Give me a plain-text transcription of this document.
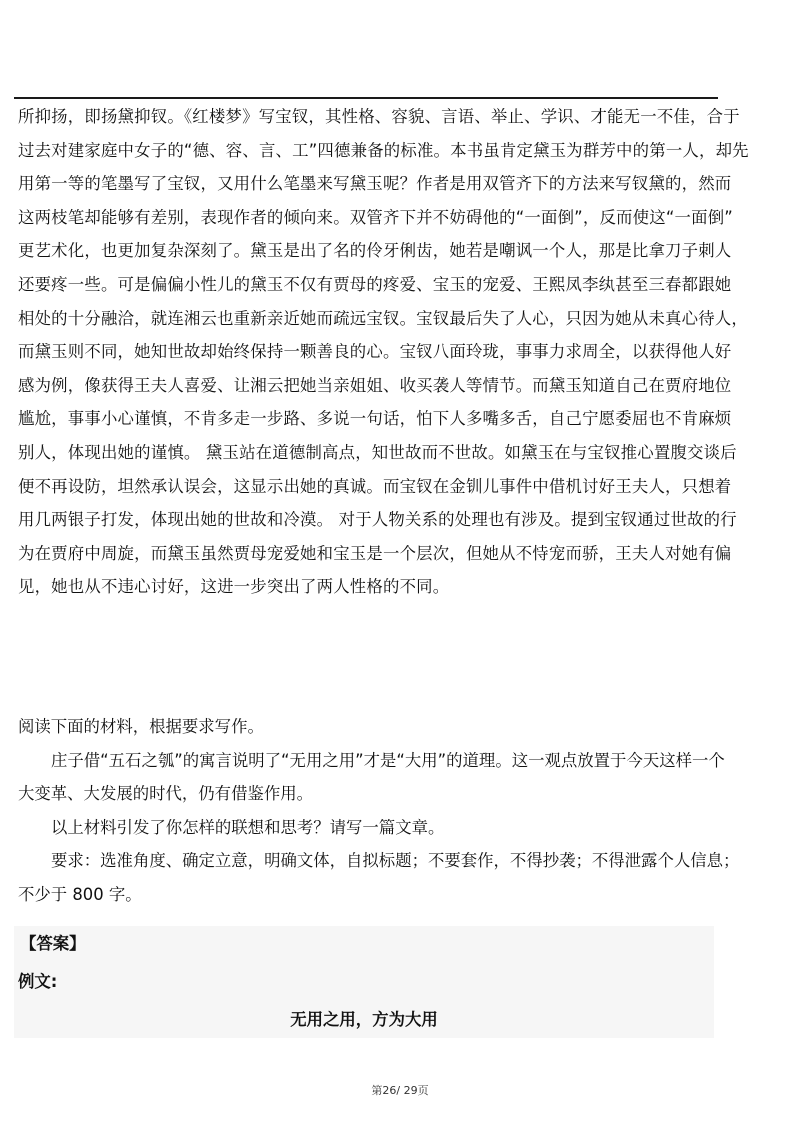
所抑扬，即扬黛抑钗。《红楼梦》写宝钗，其性格、容貌、言语、举止、学识、才能无一不佳，合于
过去对建家庭中女子的“德、容、言、工”四德兼备的标准。本书虽肯定黛玉为群芳中的第一人，却先
用第一等的笔墨写了宝钗，又用什么笔墨来写黛玉呢？作者是用双管齐下的方法来写钗黛的，然而
这两枝笔却能够有差别，表现作者的倾向来。双管齐下并不妨碍他的“一面倒”，反而使这“一面倒”
更艺术化，也更加复杂深刻了。黛玉是出了名的伶牙俐齿，她若是嘲讽一个人，那是比拿刀子刺人
还要疼一些。可是偏偏小性儿的黛玉不仅有贾母的疼爱、宝玉的宠爱、王熙凤李纨甚至三春都跟她
相处的十分融洽，就连湘云也重新亲近她而疏远宝钗。宝钗最后失了人心，只因为她从未真心待人，
而黛玉则不同，她知世故却始终保持一颗善良的心。宝钗八面玲珑，事事力求周全，以获得他人好
感为例，像获得王夫人喜爱、让湘云把她当亲姐姐、收买袭人等情节。而黛玉知道自己在贾府地位
尴尬，事事小心谨慎，不肯多走一步路、多说一句话，怕下人多嘴多舌，自己宁愿委屈也不肯麻烦
别人，体现出她的谨慎。 黛玉站在道德制高点，知世故而不世故。如黛玉在与宝钗推心置腹交谈后
便不再设防，坦然承认误会，这显示出她的真诚。而宝钗在金钏儿事件中借机讨好王夫人，只想着
用几两银子打发，体现出她的世故和冷漠。 对于人物关系的处理也有涉及。提到宝钗通过世故的行
为在贾府中周旋，而黛玉虽然贾母宠爱她和宝玉是一个层次，但她从不恃宠而骄，王夫人对她有偏
见，她也从不违心讨好，这进一步突出了两人性格的不同。
阅读下面的材料，根据要求写作。
庄子借“五石之瓠”的寓言说明了“无用之用”才是“大用”的道理。这一观点放置于今天这样一个
大变革、大发展的时代，仍有借鉴作用。
以上材料引发了你怎样的联想和思考？请写一篇文章。
要求：选准角度、确定立意，明确文体，自拟标题；不要套作，不得抄袭；不得泄露个人信息；
不少于 800 字。
【答案】
例文:
无用之用，方为大用
第26/ 29页
